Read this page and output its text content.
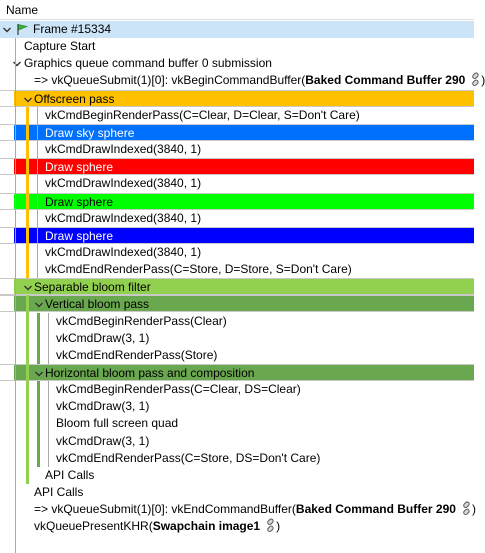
Name
Frame #15334
Capture Start
Graphics queue command buffer 0 submission
=> vkQueueSubmit(1)[0]: vkBeginCommandBuffer(Baked Command Buffer 290 )
Offscreen pass
vkCmdBeginRenderPass(C=Clear, D=Clear, S=Don't Care)
Draw sky sphere
vkCmdDrawIndexed(3840, 1)
Draw sphere
vkCmdDrawIndexed(3840, 1)
Draw sphere
vkCmdDrawIndexed(3840, 1)
Draw sphere
vkCmdDrawIndexed(3840, 1)
vkCmdEndRenderPass(C=Store, D=Store, S=Don't Care)
Separable bloom filter
Vertical bloom pass
vkCmdBeginRenderPass(Clear)
vkCmdDraw(3, 1)
vkCmdEndRenderPass(Store)
Horizontal bloom pass and composition
vkCmdBeginRenderPass(C=Clear, DS=Clear)
vkCmdDraw(3, 1)
Bloom full screen quad
vkCmdDraw(3, 1)
vkCmdEndRenderPass(C=Store, DS=Don't Care)
API Calls
API Calls
=> vkQueueSubmit(1)[0]: vkEndCommandBuffer(Baked Command Buffer 290 )
vkQueuePresentKHR(Swapchain image1 )
